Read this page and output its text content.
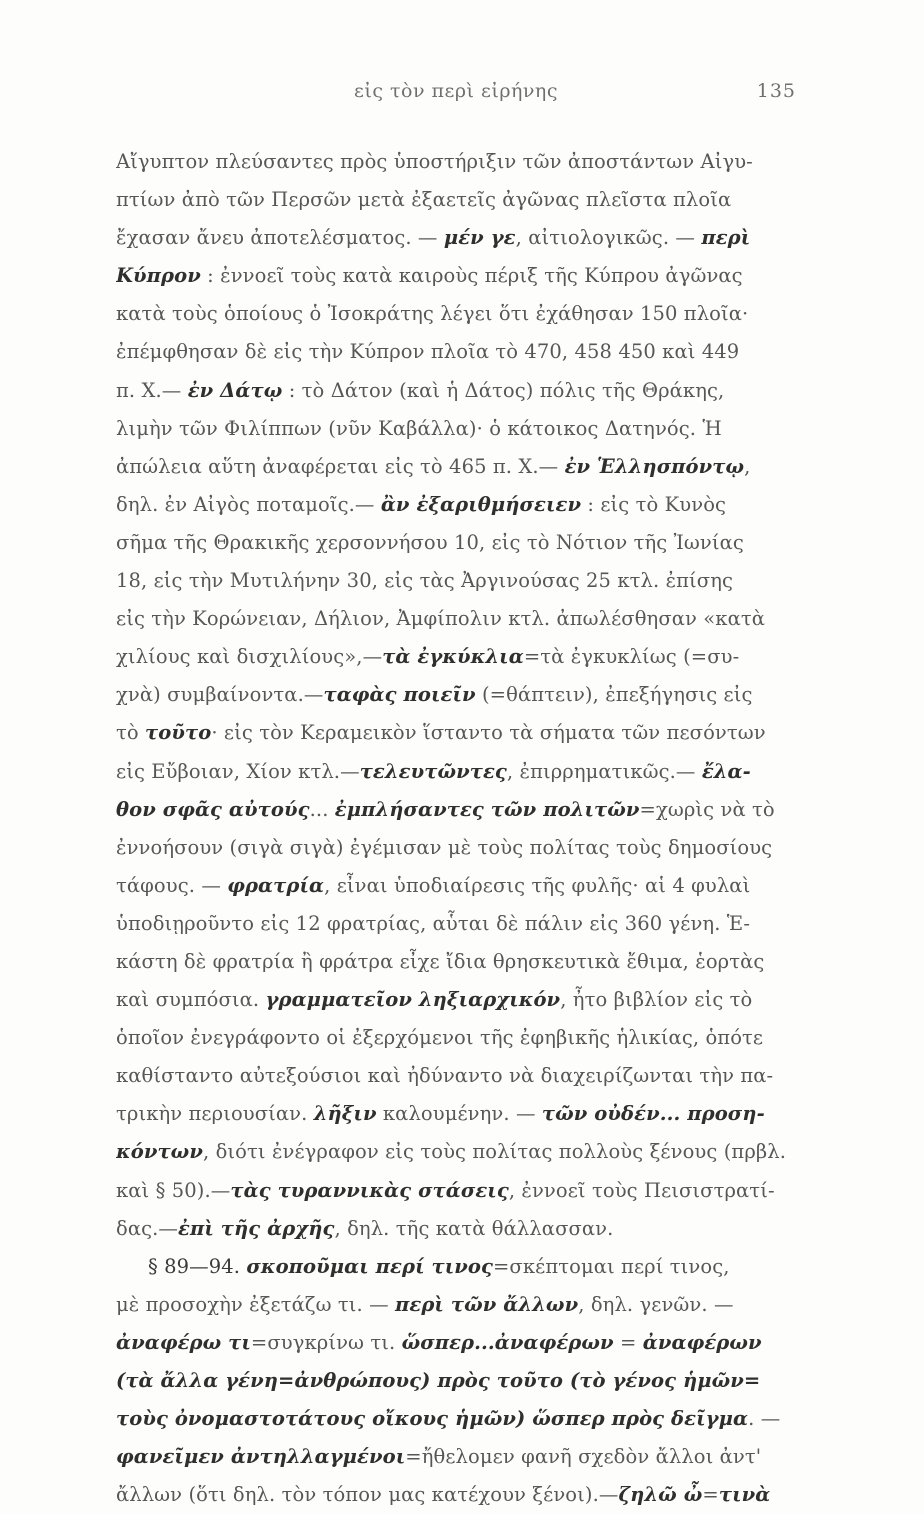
εἰς τὸν περὶ εἰρήνης	135
Αἴγυπτον πλεύσαντες πρὸς ὑποστήριξιν τῶν ἀποστάντων Αἰγυ-
πτίων ἀπὸ τῶν Περσῶν μετὰ ἐξαετεῖς ἀγῶνας πλεῖστα πλοῖα
ἔχασαν ἄνευ ἀποτελέσματος. — μέν γε, αἰτιολογικῶς. — περὶ
Κύπρον : ἐννοεῖ τοὺς κατὰ καιροὺς πέριξ τῆς Κύπρου ἀγῶνας
κατὰ τοὺς ὁποίους ὁ Ἰσοκράτης λέγει ὅτι ἐχάθησαν 150 πλοῖα·
ἐπέμφθησαν δὲ εἰς τὴν Κύπρον πλοῖα τὸ 470, 458 450 καὶ 449
π. Χ.— ἐν Δάτῳ : τὸ Δάτον (καὶ ἡ Δάτος) πόλις τῆς Θράκης,
λιμὴν τῶν Φιλίππων (νῦν Καβάλλα)· ὁ κάτοικος Δατηνός. Ἡ
ἀπώλεια αὕτη ἀναφέρεται εἰς τὸ 465 π. Χ.— ἐν Ἑλλησπόντῳ,
δηλ. ἐν Αἰγὸς ποταμοῖς.— ἂν ἐξαριθμήσειεν : εἰς τὸ Κυνὸς
σῆμα τῆς Θρακικῆς χερσοννήσου 10, εἰς τὸ Νότιον τῆς Ἰωνίας
18, εἰς τὴν Μυτιλήνην 30, εἰς τὰς Ἀργινούσας 25 κτλ. ἐπίσης
εἰς τὴν Κορώνειαν, Δήλιον, Ἀμφίπολιν κτλ. ἀπωλέσθησαν «κατὰ
χιλίους καὶ δισχιλίους»,—τὰ ἐγκύκλια=τὰ ἐγκυκλίως (=συ-
χνὰ) συμβαίνοντα.—ταφὰς ποιεῖν (=θάπτειν), ἐπεξήγησις εἰς
τὸ τοῦτο· εἰς τὸν Κεραμεικὸν ἵσταντο τὰ σήματα τῶν πεσόντων
εἰς Εὔβοιαν, Χίον κτλ.—τελευτῶντες, ἐπιρρηματικῶς.— ἔλα-
θον σφᾶς αὐτούς... ἐμπλήσαντες τῶν πολιτῶν=χωρὶς νὰ τὸ
ἐννοήσουν (σιγὰ σιγὰ) ἐγέμισαν μὲ τοὺς πολίτας τοὺς δημοσίους
τάφους. — φρατρία, εἶναι ὑποδιαίρεσις τῆς φυλῆς· αἱ 4 φυλαὶ
ὑποδιῃροῦντο εἰς 12 φρατρίας, αὗται δὲ πάλιν εἰς 360 γένη. Ἑ-
κάστη δὲ φρατρία ἢ φράτρα εἶχε ἴδια θρησκευτικὰ ἔθιμα, ἑορτὰς
καὶ συμπόσια. γραμματεῖον ληξιαρχικόν, ἦτο βιβλίον εἰς τὸ
ὁποῖον ἐνεγράφοντο οἱ ἐξερχόμενοι τῆς ἐφηβικῆς ἡλικίας, ὁπότε
καθίσταντο αὐτεξούσιοι καὶ ἠδύναντο νὰ διαχειρίζωνται τὴν πα-
τρικὴν περιουσίαν. λῆξιν καλουμένην. — τῶν οὐδέν... προση-
κόντων, διότι ἐνέγραφον εἰς τοὺς πολίτας πολλοὺς ξένους (πρβλ.
καὶ § 50).—τὰς τυραννικὰς στάσεις, ἐννοεῖ τοὺς Πεισιστρατί-
δας.—ἐπὶ τῆς ἀρχῆς, δηλ. τῆς κατὰ θάλλασσαν.
§ 89—94. σκοποῦμαι περί τινος=σκέπτομαι περί τινος,
μὲ προσοχὴν ἐξετάζω τι. — περὶ τῶν ἄλλων, δηλ. γενῶν. —
ἀναφέρω τι=συγκρίνω τι. ὥσπερ...ἀναφέρων = ἀναφέρων
(τὰ ἄλλα γένη=ἀνθρώπους) πρὸς τοῦτο (τὸ γένος ἡμῶν=
τοὺς ὀνομαστοτάτους οἴκους ἡμῶν) ὥσπερ πρὸς δεῖγμα. —
φανεῖμεν ἀντηλλαγμένοι=ἤθελομεν φανῆ σχεδὸν ἄλλοι ἀντ'
ἄλλων (ὅτι δηλ. τὸν τόπον μας κατέχουν ξένοι).—ζηλῶ ὦ=τινὰ
